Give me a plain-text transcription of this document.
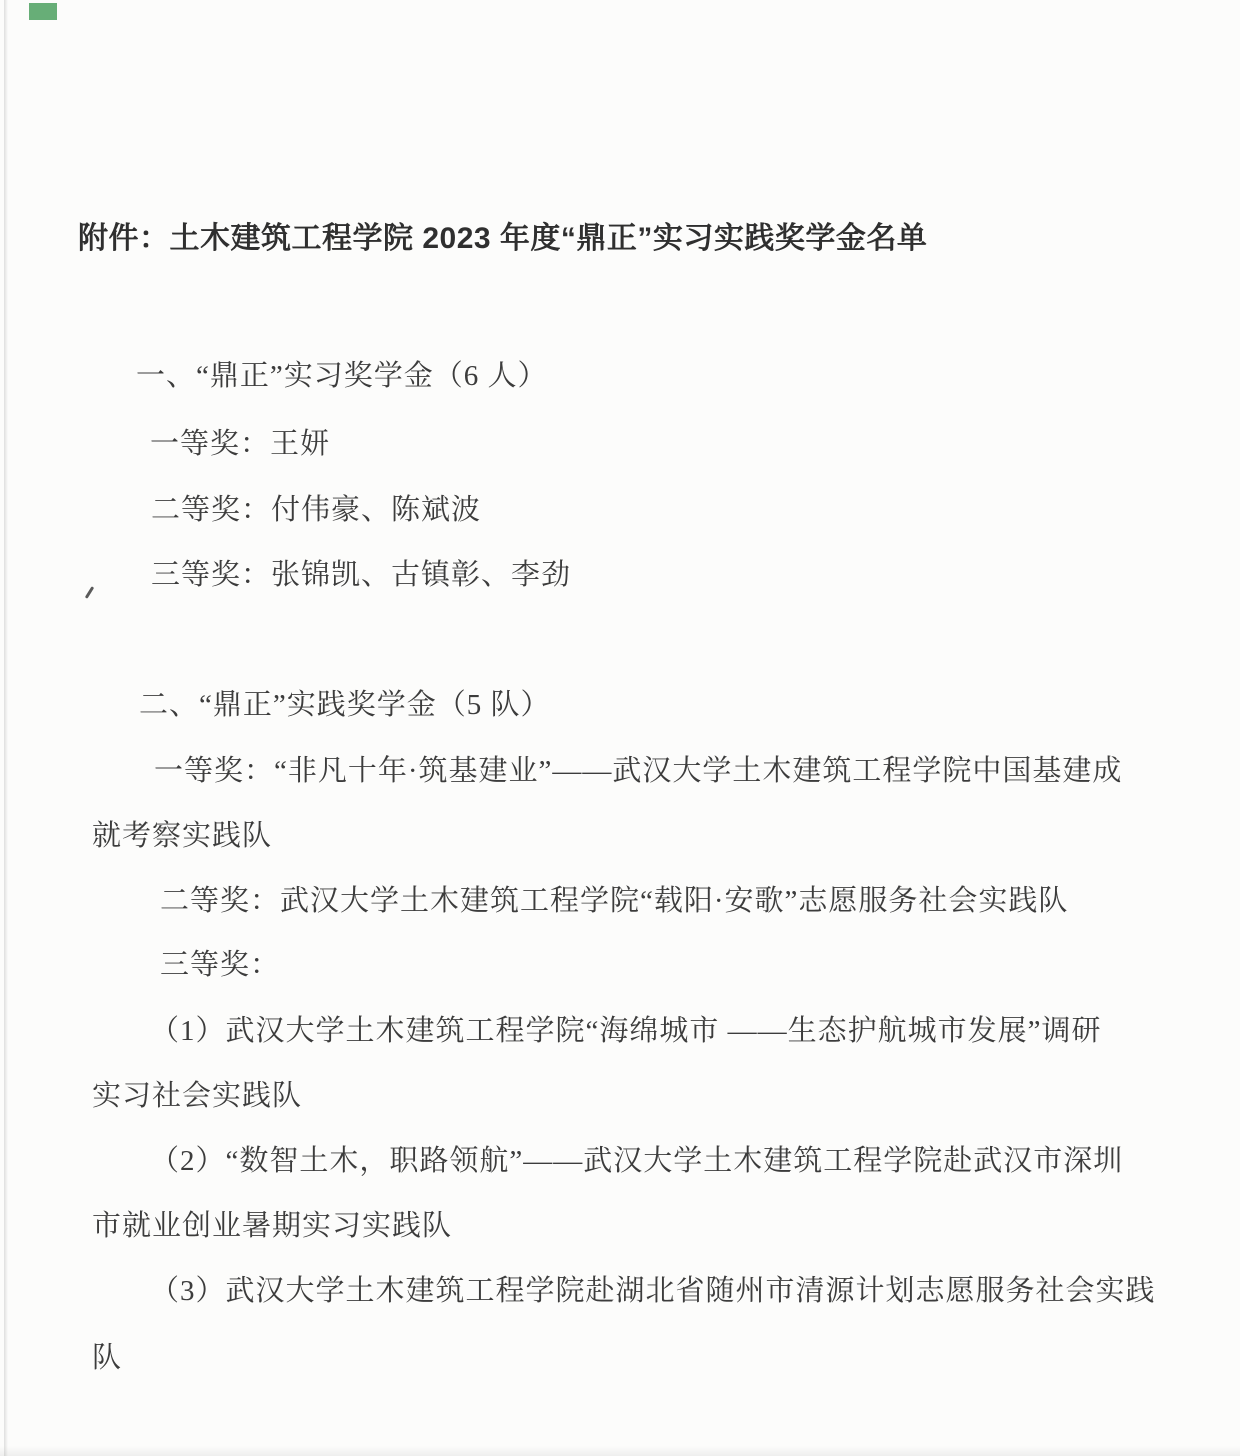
附件：土木建筑工程学院 2023 年度“鼎正”实习实践奖学金名单
一、“鼎正”实习奖学金（6 人）
一等奖：王妍
二等奖：付伟豪、陈斌波
三等奖：张锦凯、古镇彰、李劲
二、“鼎正”实践奖学金（5 队）
一等奖：“非凡十年·筑基建业”——武汉大学土木建筑工程学院中国基建成
就考察实践队
二等奖：武汉大学土木建筑工程学院“载阳·安歌”志愿服务社会实践队
三等奖：
（1）武汉大学土木建筑工程学院“海绵城市 ——生态护航城市发展”调研
实习社会实践队
（2）“数智土木，职路领航”——武汉大学土木建筑工程学院赴武汉市深圳
市就业创业暑期实习实践队
（3）武汉大学土木建筑工程学院赴湖北省随州市清源计划志愿服务社会实践
队
